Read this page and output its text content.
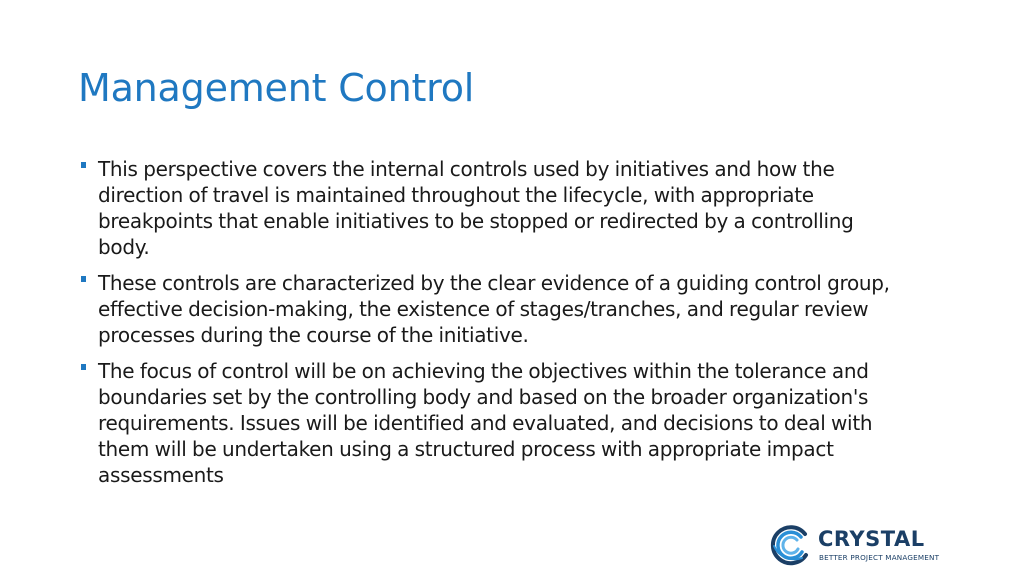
Management Control
This perspective covers the internal controls used by initiatives and how the direction of travel is maintained throughout the lifecycle, with appropriate breakpoints that enable initiatives to be stopped or redirected by a controlling body.
These controls are characterized by the clear evidence of a guiding control group, effective decision-making, the existence of stages/tranches, and regular review processes during the course of the initiative.
The focus of control will be on achieving the objectives within the tolerance and boundaries set by the controlling body and based on the broader organization's requirements. Issues will be identified and evaluated, and decisions to deal with them will be undertaken using a structured process with appropriate impact assessments
CRYSTAL
BETTER PROJECT MANAGEMENT
